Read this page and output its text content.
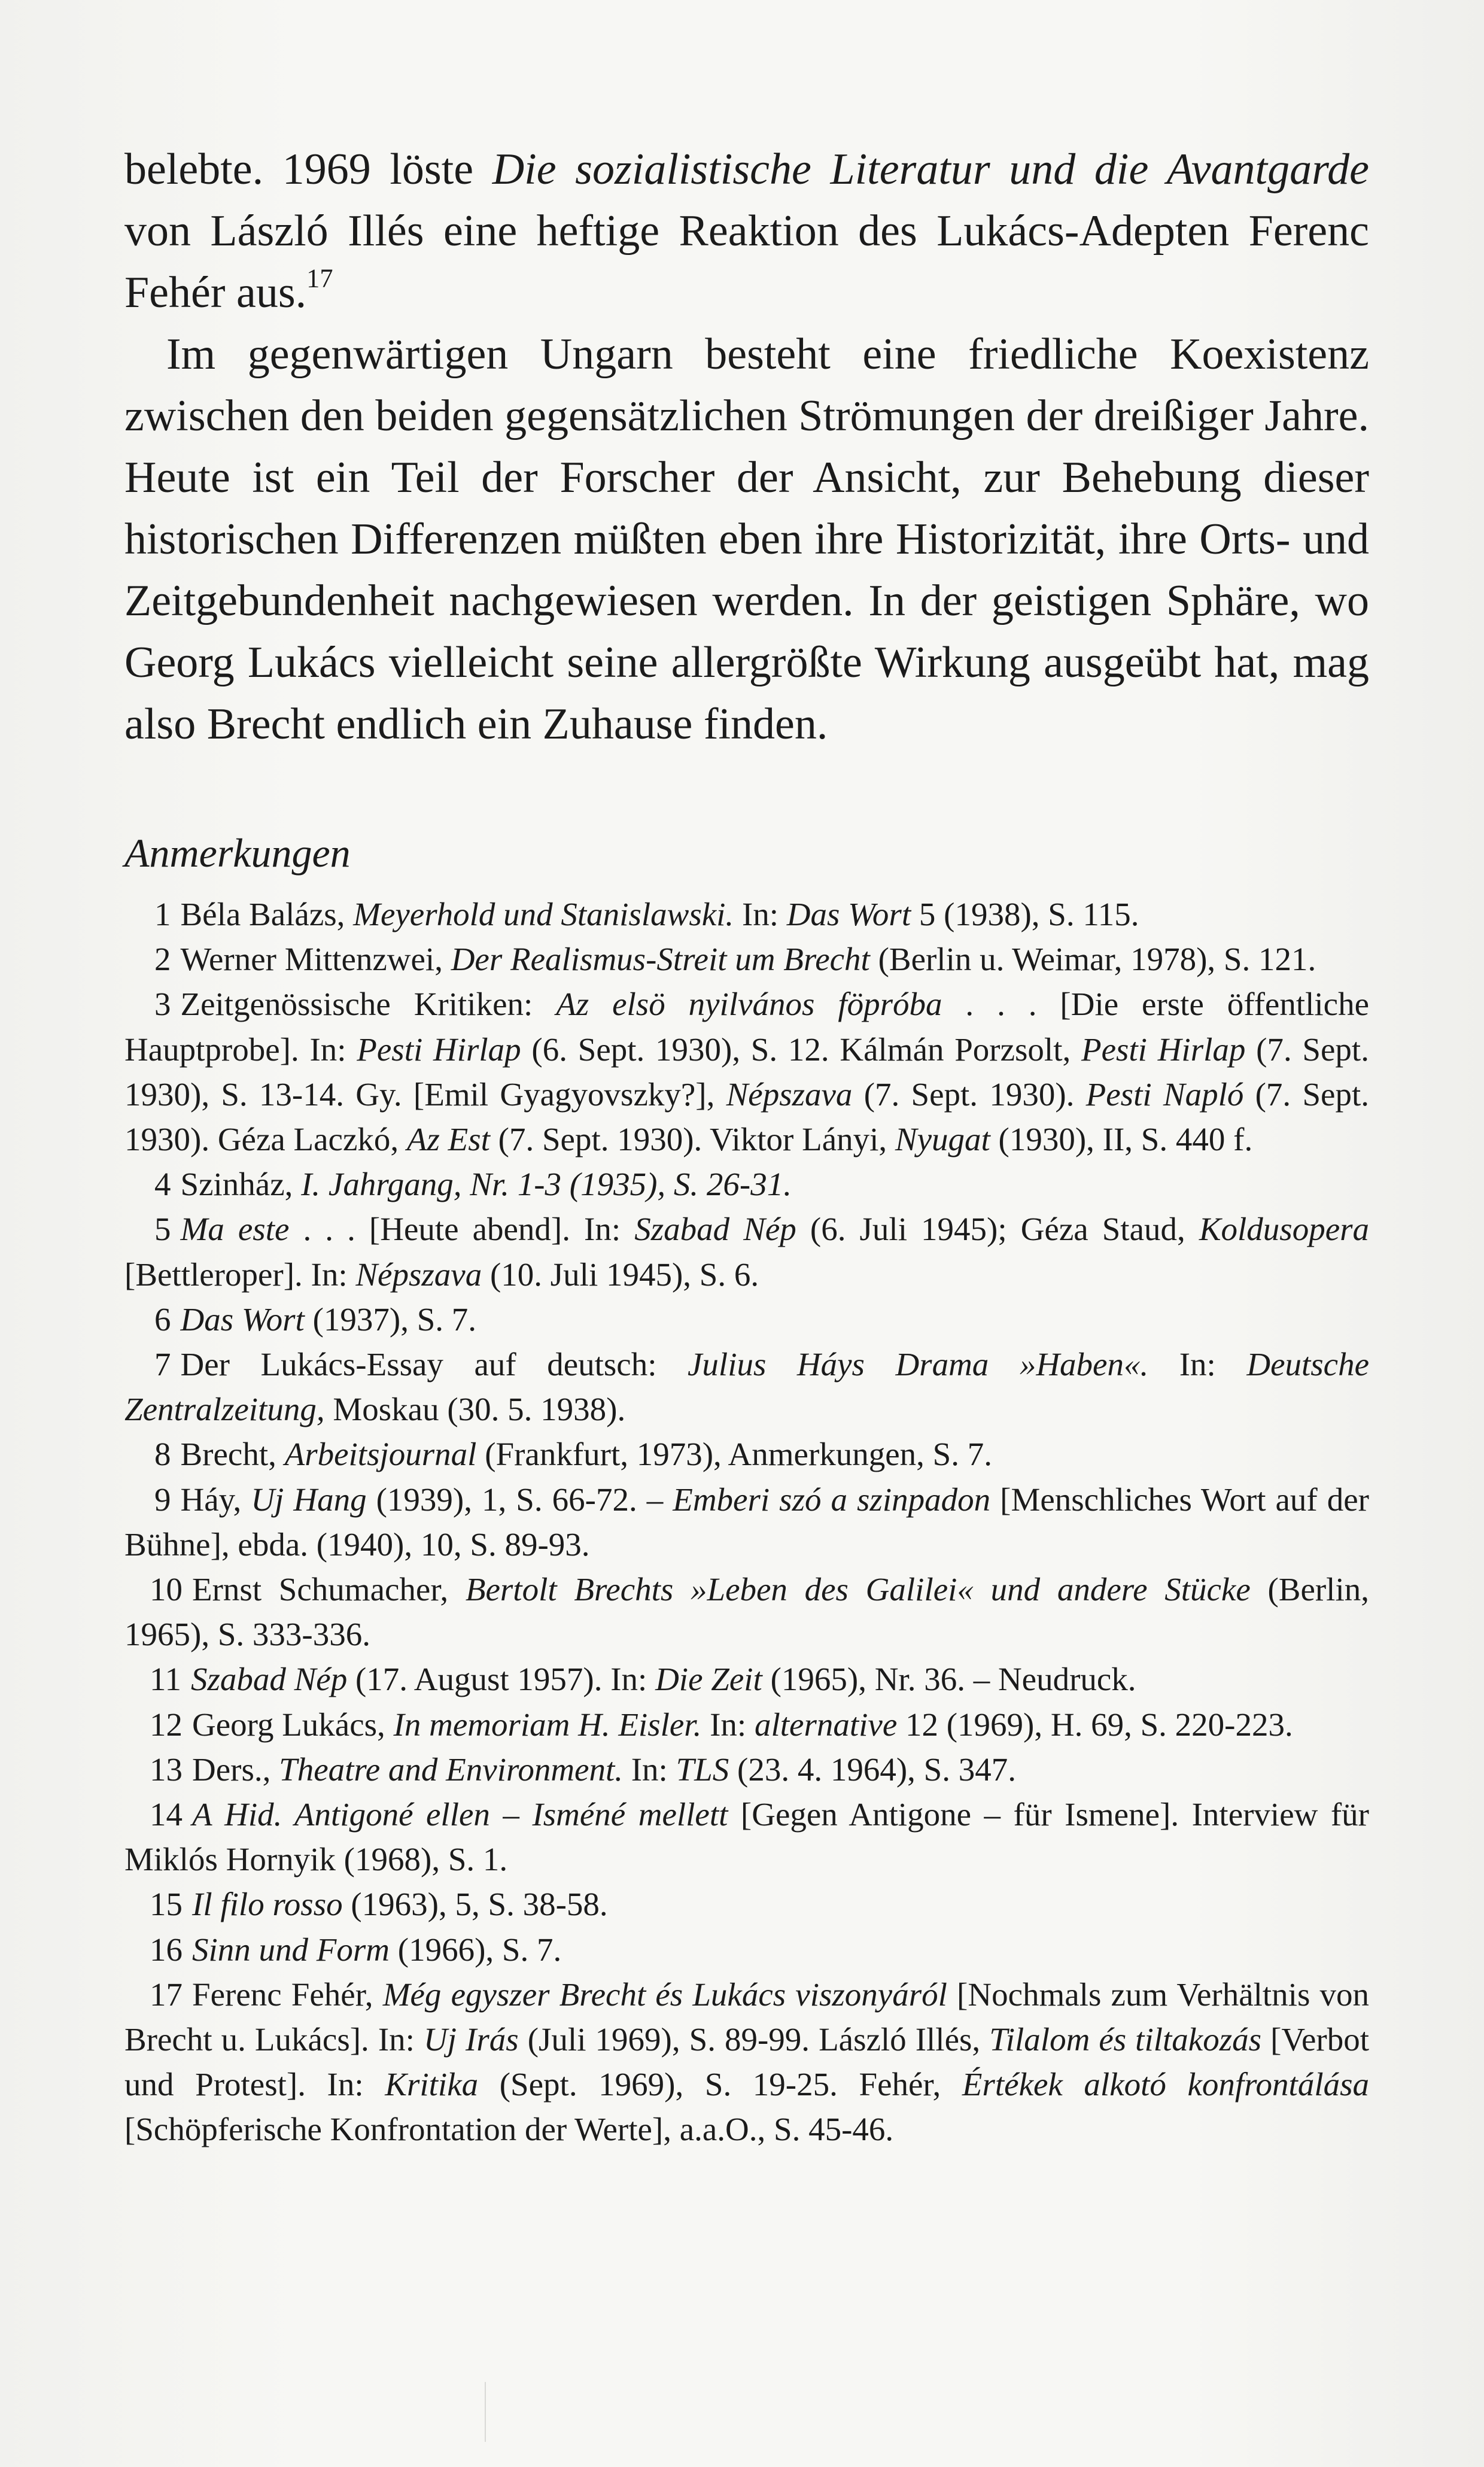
belebte. 1969 löste Die sozialistische Literatur und die Avantgarde von László Illés eine heftige Reaktion des Lukács-Adepten Ferenc Fehér aus.$^{17}$

Im gegenwärtigen Ungarn besteht eine friedliche Koexistenz zwischen den beiden gegensätzlichen Strömungen der dreißiger Jahre. Heute ist ein Teil der Forscher der Ansicht, zur Behebung dieser historischen Differenzen müßten eben ihre Historizität, ihre Orts- und Zeitgebundenheit nachgewiesen werden. In der geistigen Sphäre, wo Georg Lukács vielleicht seine allergrößte Wirkung ausgeübt hat, mag also Brecht endlich ein Zuhause finden.

Anmerkungen

1 Béla Balázs, Meyerhold und Stanislawski. In: Das Wort 5 (1938), S. 115.

2 Werner Mittenzwei, Der Realismus-Streit um Brecht (Berlin u. Weimar, 1978), S. 121.

3 Zeitgenössische Kritiken: Az elsö nyilvános föpróba . . . [Die erste öffentliche Hauptprobe]. In: Pesti Hirlap (6. Sept. 1930), S. 12. Kálmán Porzsolt, Pesti Hirlap (7. Sept. 1930), S. 13-14. Gy. [Emil Gyagyovszky?], Népszava (7. Sept. 1930). Pesti Napló (7. Sept. 1930). Géza Laczkó, Az Est (7. Sept. 1930). Viktor Lányi, Nyugat (1930), II, S. 440 f.

4 Szinház, I. Jahrgang, Nr. 1-3 (1935), S. 26-31.

5 Ma este . . . [Heute abend]. In: Szabad Nép (6. Juli 1945); Géza Staud, Koldusopera [Bettleroper]. In: Népszava (10. Juli 1945), S. 6.

6 Das Wort (1937), S. 7.

7 Der Lukács-Essay auf deutsch: Julius Háys Drama »Haben«. In: Deutsche Zentralzeitung, Moskau (30. 5. 1938).

8 Brecht, Arbeitsjournal (Frankfurt, 1973), Anmerkungen, S. 7.

9 Háy, Uj Hang (1939), 1, S. 66-72. – Emberi szó a szinpadon [Menschliches Wort auf der Bühne], ebda. (1940), 10, S. 89-93.

10 Ernst Schumacher, Bertolt Brechts »Leben des Galilei« und andere Stücke (Berlin, 1965), S. 333-336.

11 Szabad Nép (17. August 1957). In: Die Zeit (1965), Nr. 36. – Neudruck.

12 Georg Lukács, In memoriam H. Eisler. In: alternative 12 (1969), H. 69, S. 220-223.

13 Ders., Theatre and Environment. In: TLS (23. 4. 1964), S. 347.

14 A Hid. Antigoné ellen – Isméné mellett [Gegen Antigone – für Ismene]. Interview für Miklós Hornyik (1968), S. 1.

15 Il filo rosso (1963), 5, S. 38-58.

16 Sinn und Form (1966), S. 7.

17 Ferenc Fehér, Még egyszer Brecht és Lukács viszonyáról [Nochmals zum Verhältnis von Brecht u. Lukács]. In: Uj Irás (Juli 1969), S. 89-99. László Illés, Tilalom és tiltakozás [Verbot und Protest]. In: Kritika (Sept. 1969), S. 19-25. Fehér, Értékek alkotó konfrontálása [Schöpferische Konfrontation der Werte], a.a.O., S. 45-46.
